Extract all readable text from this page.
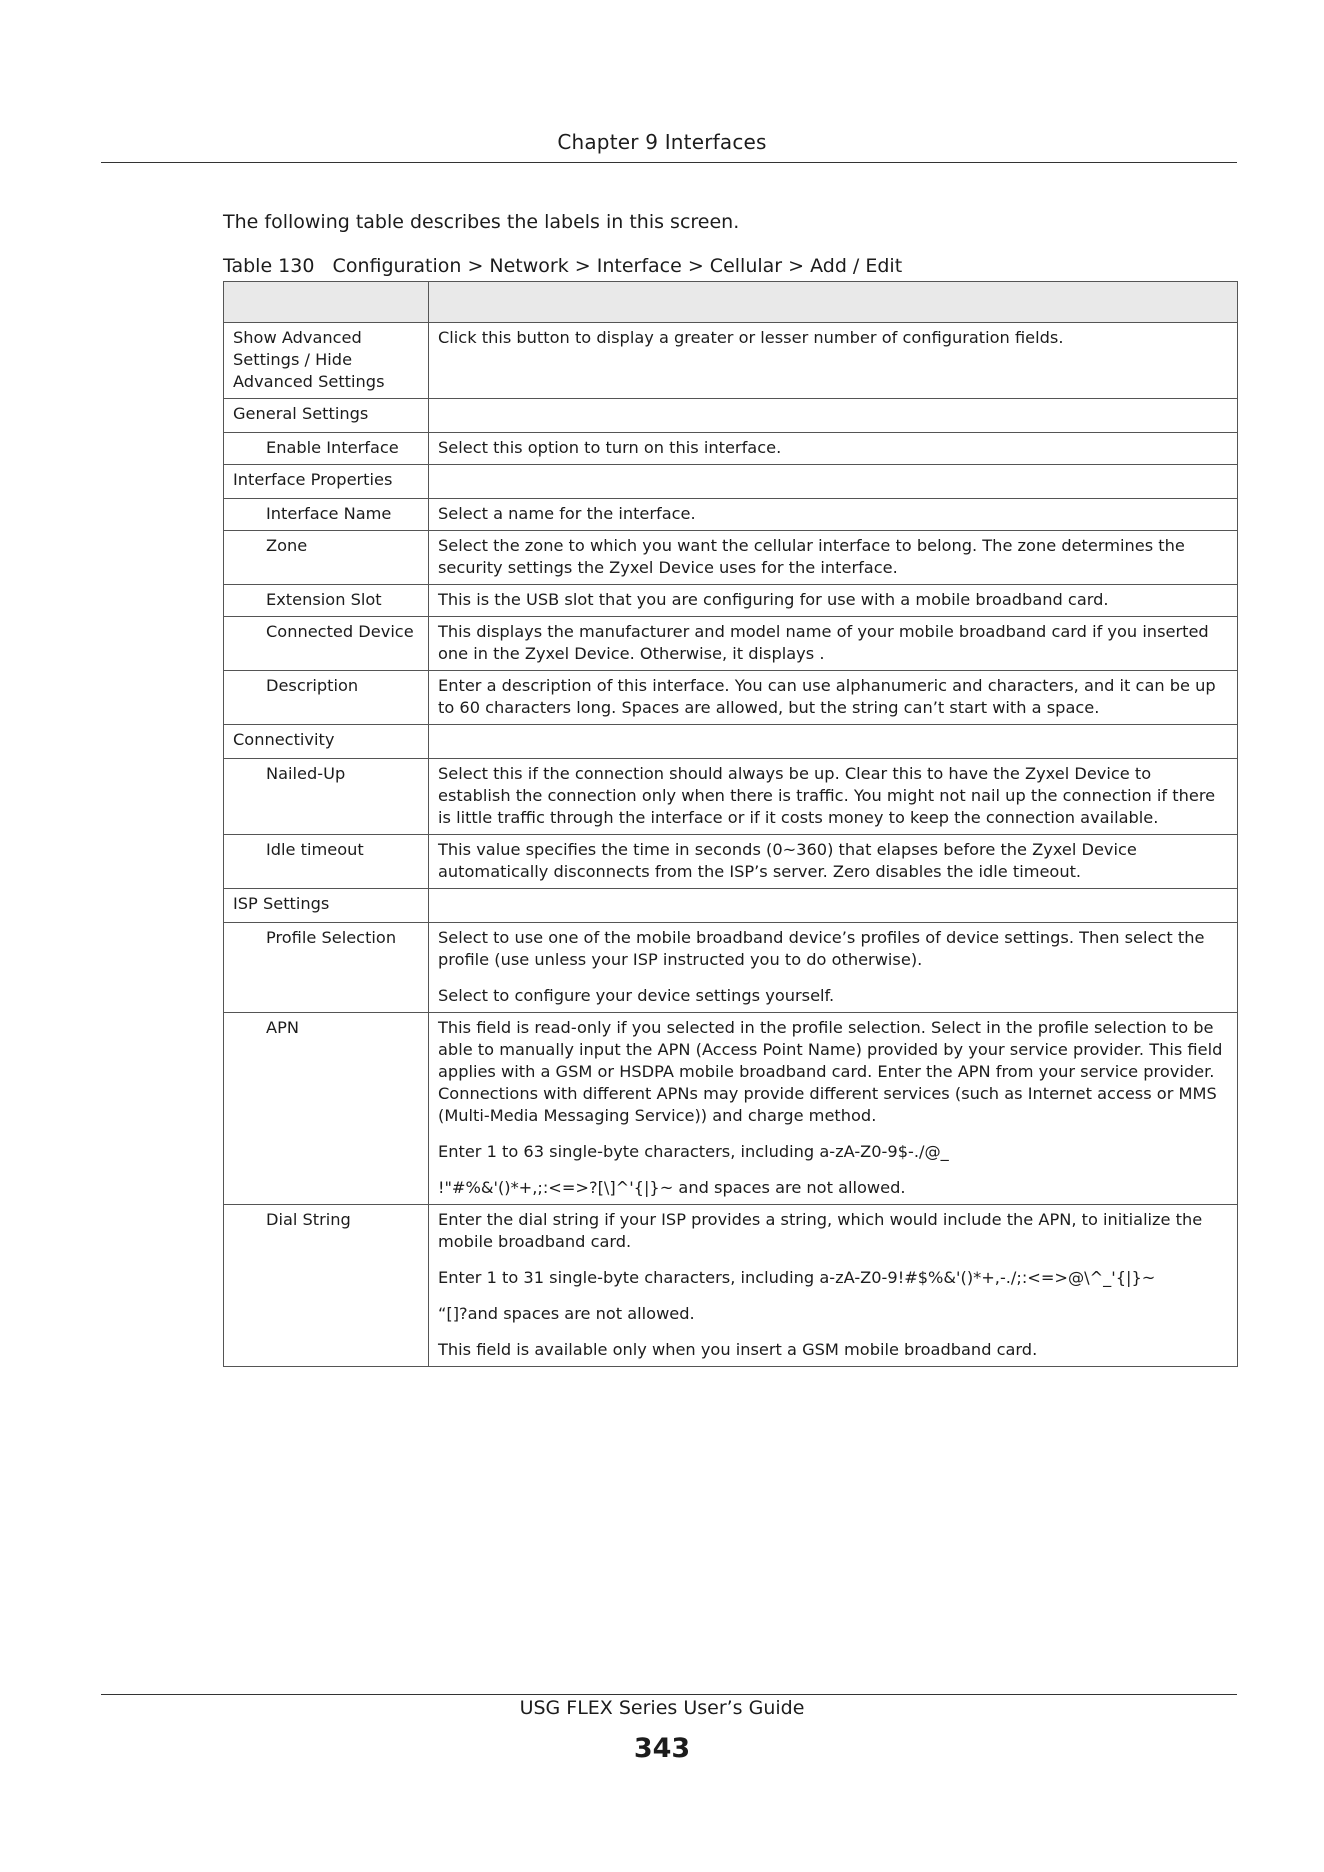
Chapter 9 Interfaces
The following table describes the labels in this screen.
Table 130   Configuration > Network > Interface > Cellular > Add / Edit

Show Advanced Settings / Hide Advanced Settings	Click this button to display a greater or lesser number of configuration fields.

General Settings	
Enable Interface	Select this option to turn on this interface.

Interface Properties	
Interface Name	Select a name for the interface.

Zone	Select the zone to which you want the cellular interface to belong. The zone determines the security settings the Zyxel Device uses for the interface.

Extension Slot	This is the USB slot that you are configuring for use with a mobile broadband card.

Connected Device	This displays the manufacturer and model name of your mobile broadband card if you inserted one in the Zyxel Device. Otherwise, it displays .

Description	Enter a description of this interface. You can use alphanumeric and characters, and it can be up to 60 characters long. Spaces are allowed, but the string can’t start with a space.

Connectivity	
Nailed-Up	Select this if the connection should always be up. Clear this to have the Zyxel Device to establish the connection only when there is traffic. You might not nail up the connection if there is little traffic through the interface or if it costs money to keep the connection available.

Idle timeout	This value specifies the time in seconds (0~360) that elapses before the Zyxel Device automatically disconnects from the ISP’s server. Zero disables the idle timeout.

ISP Settings	
Profile Selection	Select to use one of the mobile broadband device’s profiles of device settings. Then select the profile (use unless your ISP instructed you to do otherwise).

Select to configure your device settings yourself.

APN	This field is read-only if you selected in the profile selection. Select in the profile selection to be able to manually input the APN (Access Point Name) provided by your service provider. This field applies with a GSM or HSDPA mobile broadband card. Enter the APN from your service provider. Connections with different APNs may provide different services (such as Internet access or MMS (Multi-Media Messaging Service)) and charge method.

Enter 1 to 63 single-byte characters, including a-zA-Z0-9$-./@_

!"#%&'()*+,;:<=>?[\]^'{|}~ and spaces are not allowed.

Dial String	Enter the dial string if your ISP provides a string, which would include the APN, to initialize the mobile broadband card.

Enter 1 to 31 single-byte characters, including a-zA-Z0-9!#$%&'()*+,-./;:<=>@\^_'{|}~

“[]?and spaces are not allowed.

This field is available only when you insert a GSM mobile broadband card.

USG FLEX Series User’s Guide
343
